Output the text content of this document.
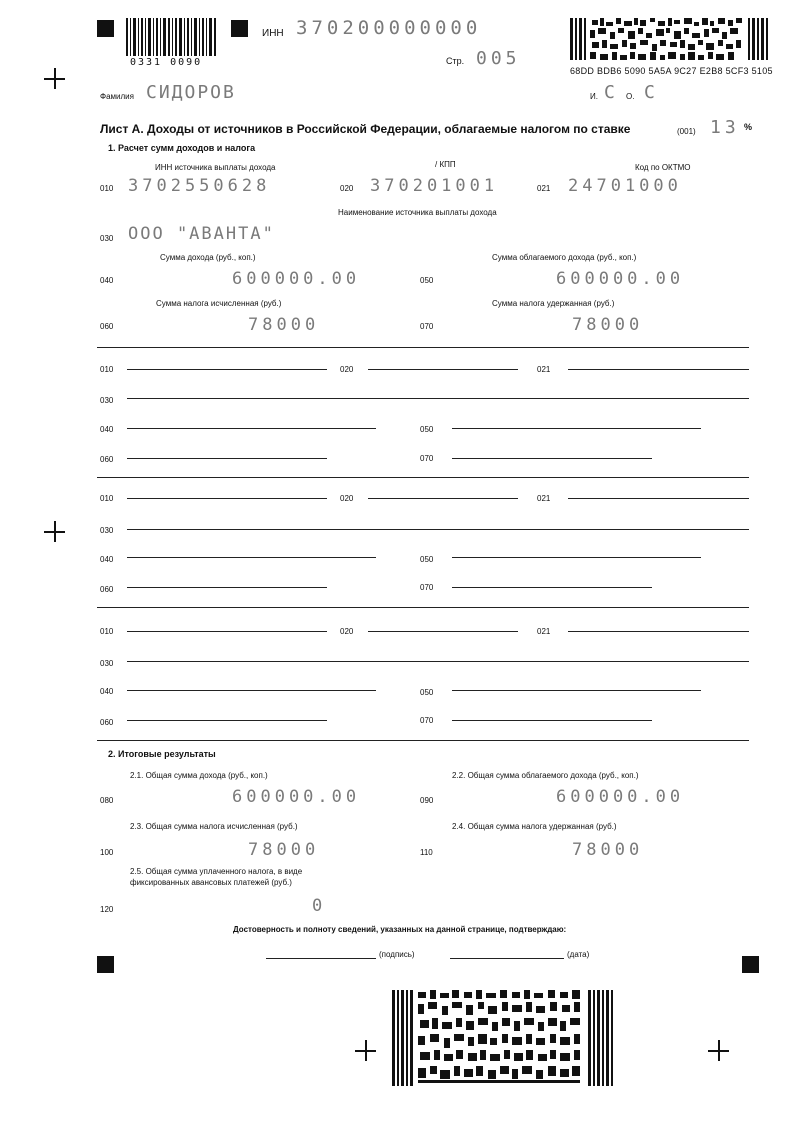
0331 0090
ИНН 370200000000
Стр. 005
68DD BDB6 5090 5A5A 9C27 E2B8 5CF3 5105
Фамилия СИДОРОВ	И. С О. С
Лист А. Доходы от источников в Российской Федерации, облагаемые налогом по ставке	(001) 13 %
1. Расчет сумм доходов и налога
ИНН источника выплаты дохода	/ КПП	Код по ОКТМО
010 3702550628	020 370201001	021 24701000
Наименование источника выплаты дохода
030 ООО "АВАНТА"
Сумма дохода (руб., коп.)	Сумма облагаемого дохода (руб., коп.)
040	600000.00	050	600000.00
Сумма налога исчисленная (руб.)	Сумма налога удержанная (руб.)
060	78000	070	78000
010	020	021
030
040	050
060	070
010	020	021
030
040	050
060	070
010	020	021
030
040	050
060	070
2. Итоговые результаты
2.1. Общая сумма дохода (руб., коп.)	2.2. Общая сумма облагаемого дохода (руб., коп.)
080	600000.00	090	600000.00
2.3. Общая сумма налога исчисленная (руб.)	2.4. Общая сумма налога удержанная (руб.)
100	78000	110	78000
2.5. Общая сумма уплаченного налога, в виде
фиксированных авансовых платежей (руб.)
120	0
Достоверность и полноту сведений, указанных на данной странице, подтверждаю:
(подпись)	(дата)
